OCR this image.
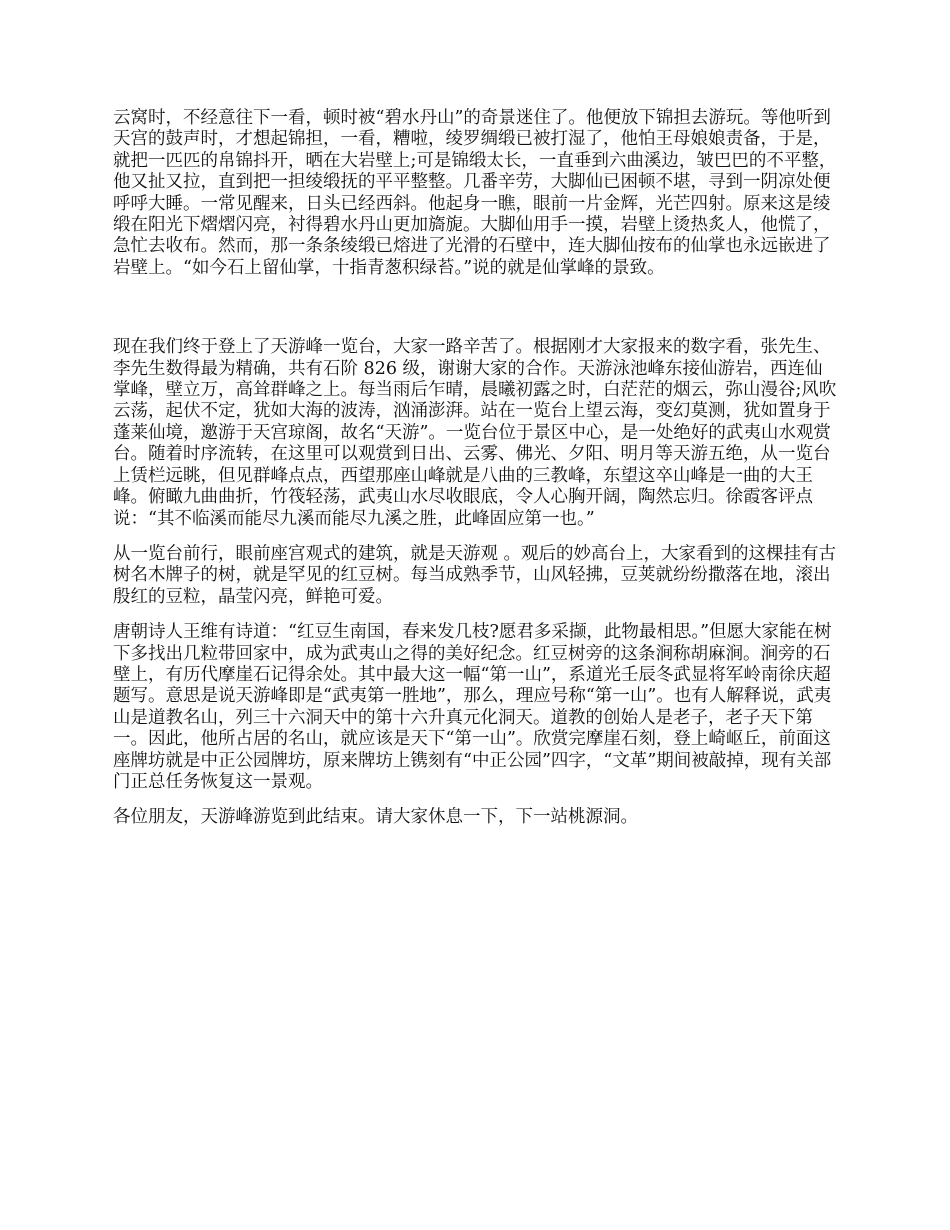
云窝时，不经意往下一看，顿时被“碧水丹山”的奇景迷住了。他便放下锦担去游玩。等他听到天宫的鼓声时，才想起锦担，一看，糟啦，绫罗绸缎已被打湿了，他怕王母娘娘责备，于是，就把一匹匹的帛锦抖开，晒在大岩壁上;可是锦缎太长，一直垂到六曲溪边，皱巴巴的不平整，他又扯又拉，直到把一担绫缎抚的平平整整。几番辛劳，大脚仙已困顿不堪，寻到一阴凉处便呼呼大睡。一常见醒来，日头已经西斜。他起身一瞧，眼前一片金辉，光芒四射。原来这是绫缎在阳光下熠熠闪亮，衬得碧水丹山更加旖旎。大脚仙用手一摸，岩壁上烫热炙人，他慌了，急忙去收布。然而，那一条条绫缎已熔进了光滑的石壁中，连大脚仙按布的仙掌也永远嵌进了岩壁上。“如今石上留仙掌，十指青葱积绿苔。”说的就是仙掌峰的景致。

现在我们终于登上了天游峰一览台，大家一路辛苦了。根据刚才大家报来的数字看，张先生、李先生数得最为精确，共有石阶 826 级，谢谢大家的合作。天游泳池峰东接仙游岩，西连仙掌峰，壁立万，高耸群峰之上。每当雨后乍晴，晨曦初露之时，白茫茫的烟云，弥山漫谷;风吹云荡，起伏不定，犹如大海的波涛，汹涌澎湃。站在一览台上望云海，变幻莫测，犹如置身于蓬莱仙境，邀游于天宫琼阁，故名“天游”。一览台位于景区中心，是一处绝好的武夷山水观赏台。随着时序流转，在这里可以观赏到日出、云雾、佛光、夕阳、明月等天游五绝，从一览台上赁栏远眺，但见群峰点点，西望那座山峰就是八曲的三教峰，东望这卒山峰是一曲的大王峰。俯瞰九曲曲折，竹筏轻荡，武夷山水尽收眼底，令人心胸开阔，陶然忘归。徐霞客评点说：“其不临溪而能尽九溪而能尽九溪之胜，此峰固应第一也。”

从一览台前行，眼前座宫观式的建筑，就是天游观 。观后的妙高台上，大家看到的这棵挂有古树名木牌子的树，就是罕见的红豆树。每当成熟季节，山风轻拂，豆荚就纷纷撒落在地，滚出殷红的豆粒，晶莹闪亮，鲜艳可爱。

唐朝诗人王维有诗道：“红豆生南国，春来发几枝?愿君多采撷，此物最相思。”但愿大家能在树下多找出几粒带回家中，成为武夷山之得的美好纪念。红豆树旁的这条涧称胡麻涧。涧旁的石壁上，有历代摩崖石记得余处。其中最大这一幅“第一山”，系道光壬辰冬武显将军岭南徐庆超题写。意思是说天游峰即是“武夷第一胜地”，那么，理应号称“第一山”。也有人解释说，武夷山是道教名山，列三十六洞天中的第十六升真元化洞天。道教的创始人是老子，老子天下第一。因此，他所占居的名山，就应该是天下“第一山”。欣赏完摩崖石刻，登上崎岖丘，前面这座牌坊就是中正公园牌坊，原来牌坊上镌刻有“中正公园”四字，“文革”期间被敲掉，现有关部门正总任务恢复这一景观。

各位朋友，天游峰游览到此结束。请大家休息一下，下一站桃源洞。
